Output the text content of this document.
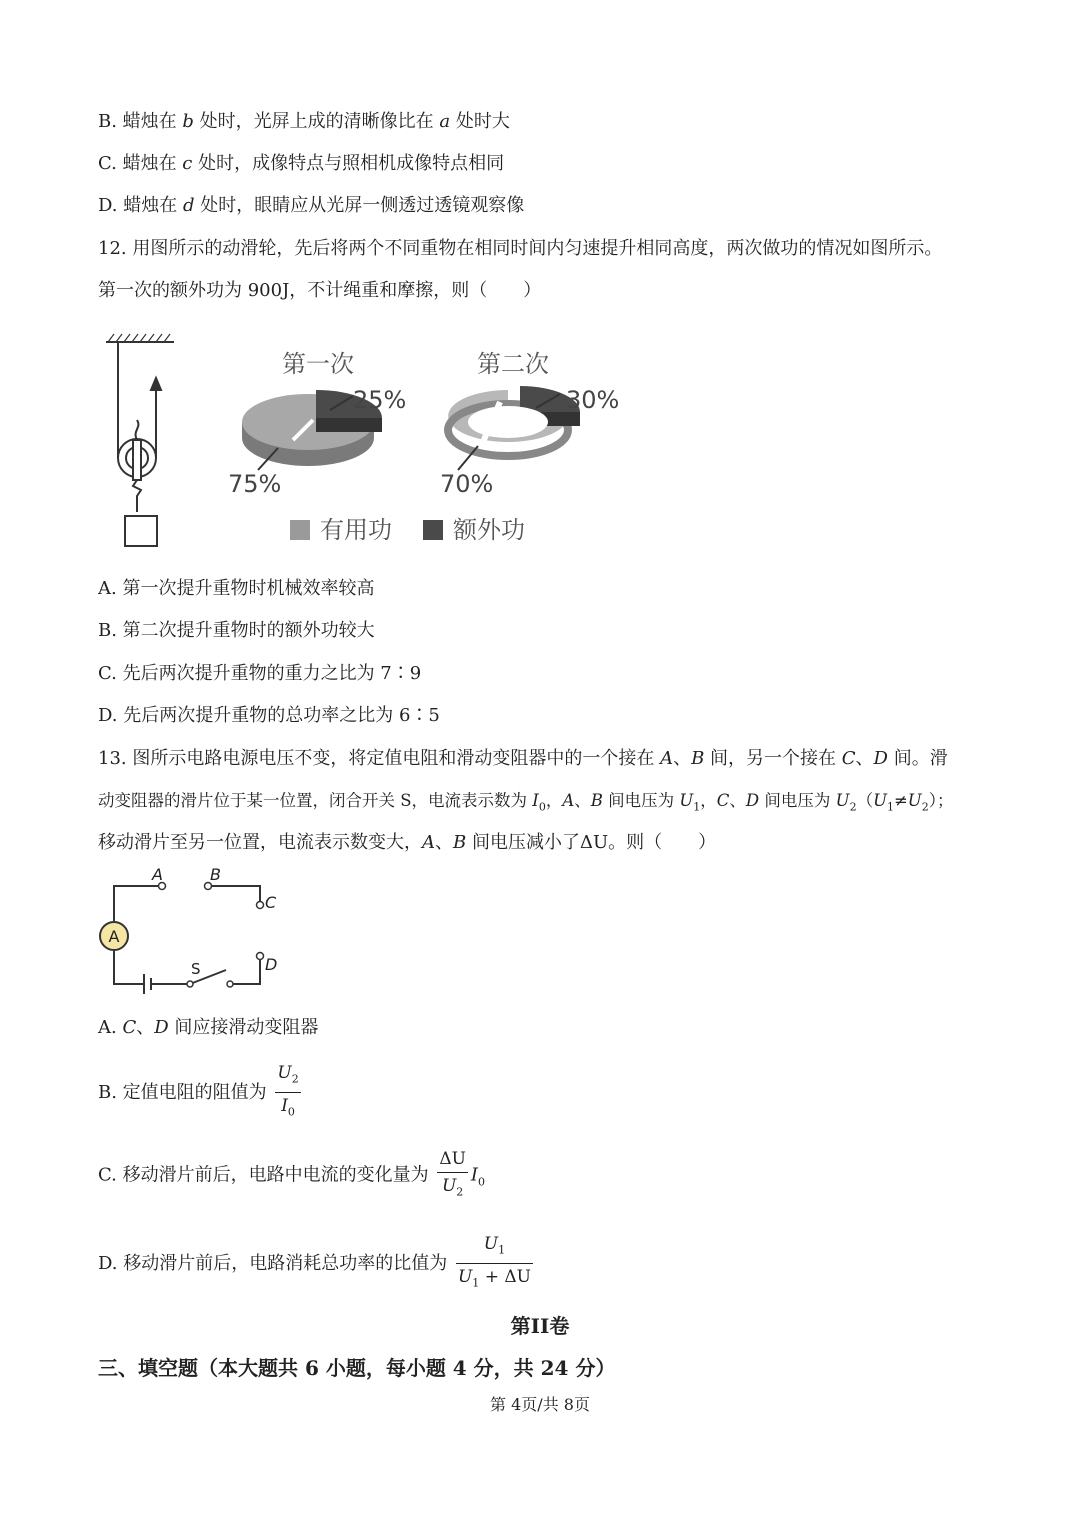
B. 蜡烛在 b 处时，光屏上成的清晰像比在 a 处时大
C. 蜡烛在 c 处时，成像特点与照相机成像特点相同
D. 蜡烛在 d 处时，眼睛应从光屏一侧透过透镜观察像
12. 用图所示的动滑轮，先后将两个不同重物在相同时间内匀速提升相同高度，两次做功的情况如图所示。
第一次的额外功为 900J，不计绳重和摩擦，则（　　）
第一次
25%
75%
第二次
30%
70%
有用功	额外功
A. 第一次提升重物时机械效率较高
B. 第二次提升重物时的额外功较大
C. 先后两次提升重物的重力之比为 7∶9
D. 先后两次提升重物的总功率之比为 6∶5
13. 图所示电路电源电压不变，将定值电阻和滑动变阻器中的一个接在 A、B 间，另一个接在 C、D 间。滑
动变阻器的滑片位于某一位置，闭合开关 S，电流表示数为 $I_0$，A、B 间电压为 $U_1$，C、D 间电压为 $U_2(U_1\ne U_2)$；
移动滑片至另一位置，电流表示数变大，A、B 间电压减小了ΔU。则（　　）
A
A	B
C
D
S
A. C、D 间应接滑动变阻器
B. 定值电阻的阻值为 $\frac{U_2}{I_0}$
C. 移动滑片前后，电路中电流的变化量为 $\frac{\Delta U}{U_2} I_0$
D. 移动滑片前后，电路消耗总功率的比值为 $\frac{U_1}{U_1 + \Delta U}$
第II卷
三、填空题（本大题共 6 小题，每小题 4 分，共 24 分）
第 4页/共 8页
